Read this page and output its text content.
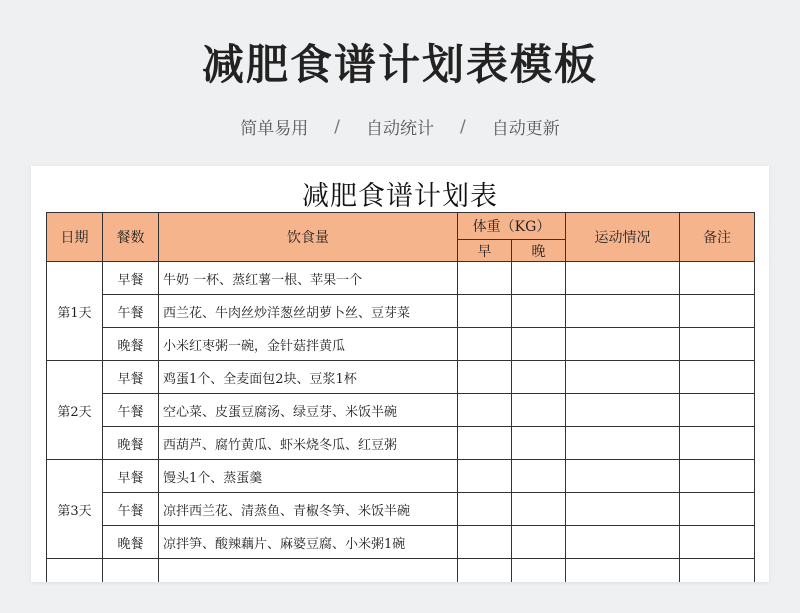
减肥食谱计划表模板
简单易用 / 自动统计 / 自动更新
减肥食谱计划表
日期	餐数	饮食量	体重（KG）		运动情况	备注
			早	晚		
第1天	早餐	牛奶 一杯、蒸红薯一根、苹果一个				
	午餐	西兰花、牛肉丝炒洋葱丝胡萝卜丝、豆芽菜				
	晚餐	小米红枣粥一碗，金针菇拌黄瓜				
第2天	早餐	鸡蛋1个、全麦面包2块、豆浆1杯				
	午餐	空心菜、皮蛋豆腐汤、绿豆芽、米饭半碗				
	晚餐	西葫芦、腐竹黄瓜、虾米烧冬瓜、红豆粥				
第3天	早餐	馒头1个、蒸蛋羹				
	午餐	凉拌西兰花、清蒸鱼、青椒冬笋、米饭半碗				
	晚餐	凉拌笋、酸辣藕片、麻婆豆腐、小米粥1碗				
